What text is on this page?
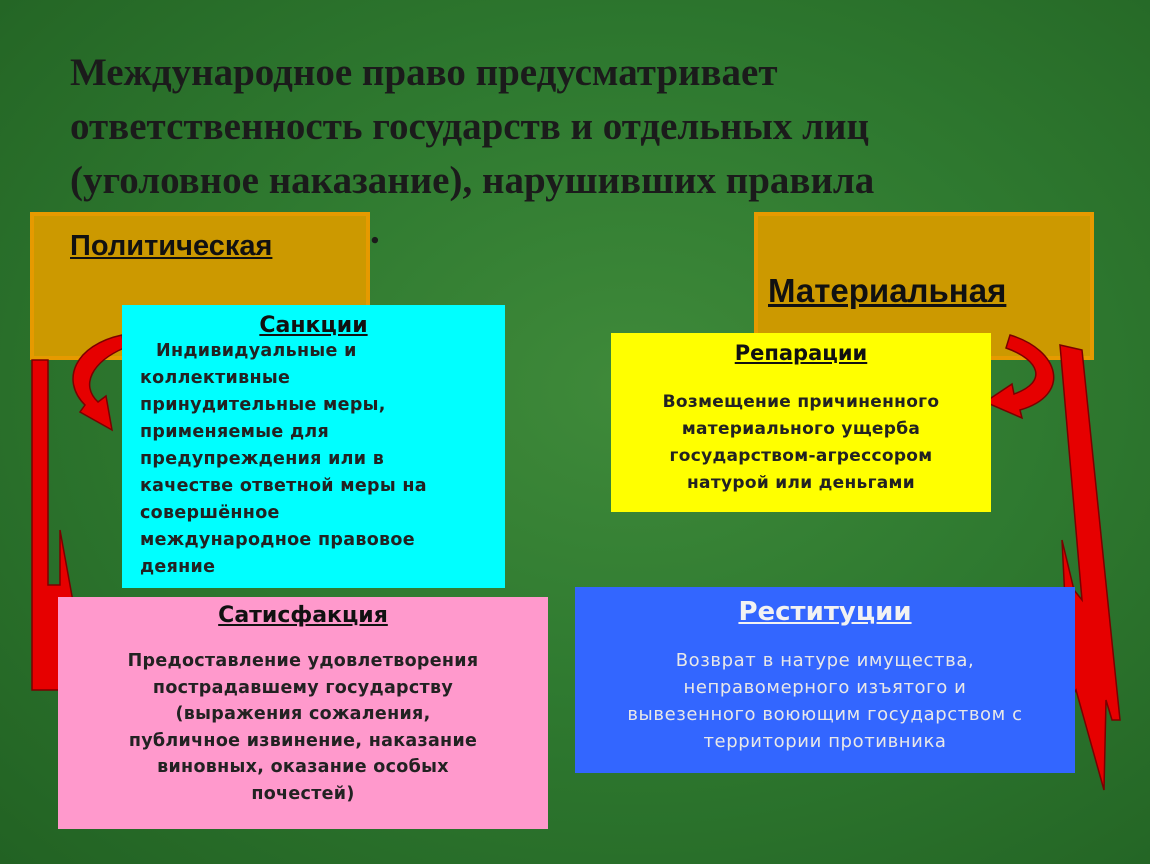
Международное право предусматривает
ответственность государств и отдельных лиц
(уголовное наказание), нарушивших правила
Политическая
Материальная
.
Санкции
Индивидуальные и
коллективные
принудительные меры,
применяемые для
предупреждения или в
качестве ответной меры на
совершённое
международное правовое
деяние
Репарации
Возмещение причиненного
материального ущерба
государством-агрессором
натурой или деньгами
Сатисфакция
Предоставление удовлетворения
пострадавшему государству
(выражения сожаления,
публичное извинение, наказание
виновных, оказание особых
почестей)
Реституции
Возврат в натуре имущества,
неправомерного изъятого и
вывезенного воюющим государством с
территории противника
